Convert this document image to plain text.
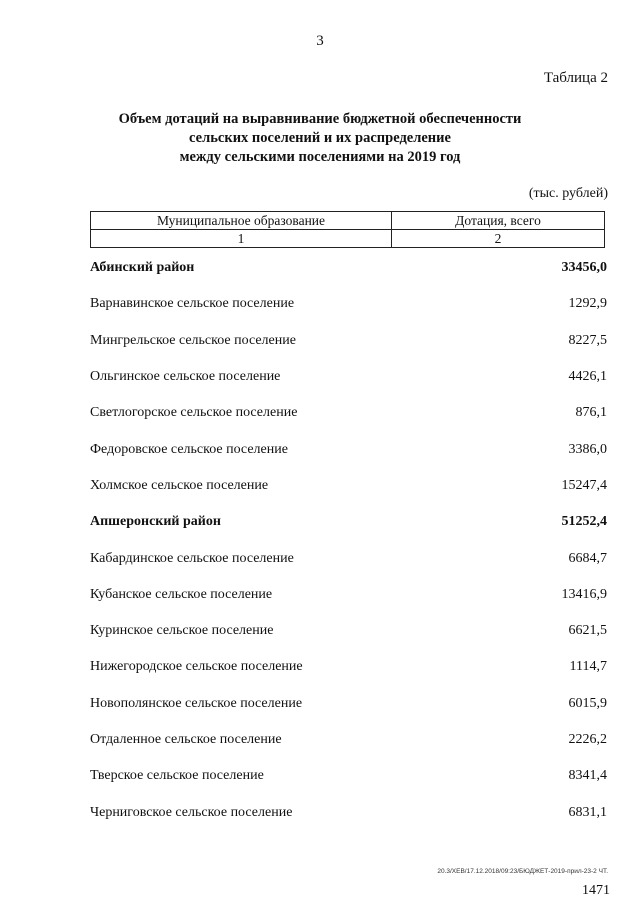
3
Таблица 2
Объем дотаций на выравнивание бюджетной обеспеченности
сельских поселений и их распределение
между сельскими поселениями на 2019 год
(тыс. рублей)
Муниципальное образование	Дотация, всего
1	2
Абинский район	33456,0
Варнавинское сельское поселение	1292,9
Мингрельское сельское поселение	8227,5
Ольгинское сельское поселение	4426,1
Светлогорское сельское поселение	876,1
Федоровское сельское поселение	3386,0
Холмское сельское поселение	15247,4
Апшеронский район	51252,4
Кабардинское сельское поселение	6684,7
Кубанское сельское поселение	13416,9
Куринское сельское поселение	6621,5
Нижегородское сельское поселение	1114,7
Новополянское сельское поселение	6015,9
Отдаленное сельское поселение	2226,2
Тверское сельское поселение	8341,4
Черниговское сельское поселение	6831,1
20.3/ХЕВ/17.12.2018/09:23/БЮДЖЕТ-2019-прил-23-2 ЧТ.
1471
